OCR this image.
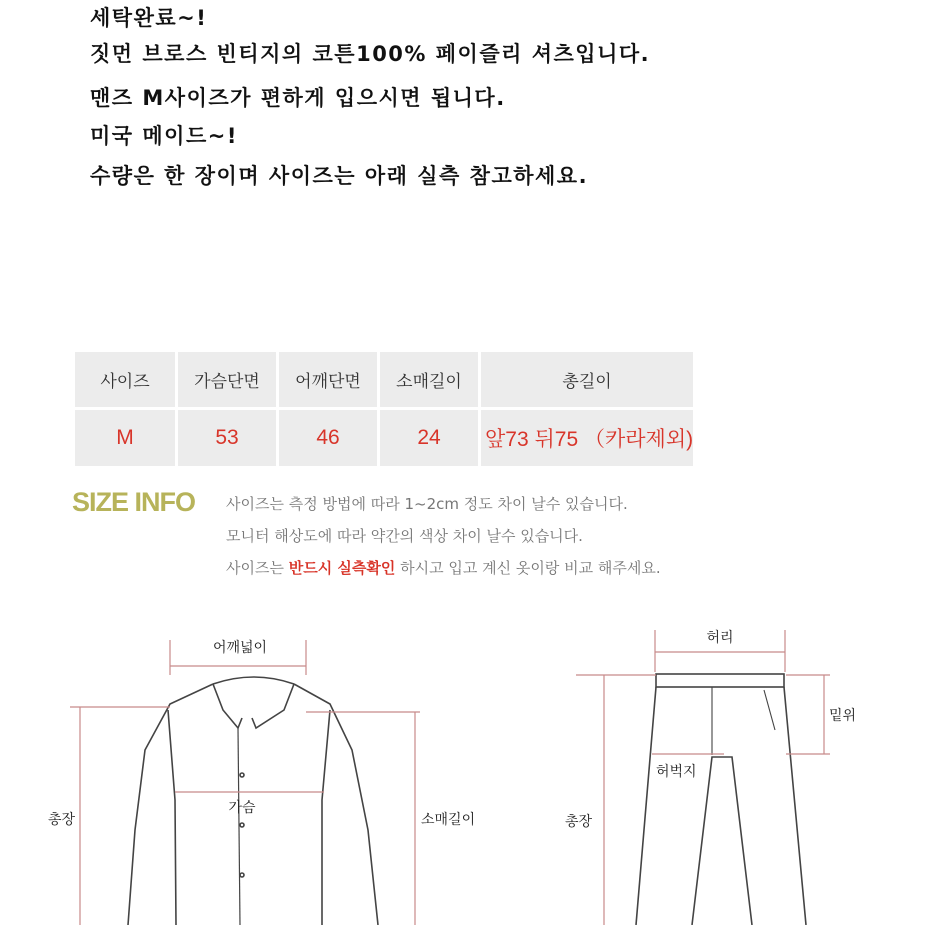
세탁완료~!
짓먼 브로스 빈티지의 코튼100% 페이즐리 셔츠입니다.
맨즈 M사이즈가 편하게 입으시면 됩니다.
미국 메이드~!
수량은 한 장이며 사이즈는 아래 실측 참고하세요.
사이즈	가슴단면	어깨단면	소매길이	총길이
M	53	46	24	앞73 뒤75 （카라제외)
SIZE INFO 사이즈는 측정 방법에 따라 1~2cm 정도 차이 날수 있습니다.
모니터 해상도에 따라 약간의 색상 차이 날수 있습니다.
사이즈는 반드시 실측확인 하시고 입고 계신 옷이랑 비교 해주세요.
어깨넓이
가슴
총장	소매길이
허리
밑위
허벅지
총장
